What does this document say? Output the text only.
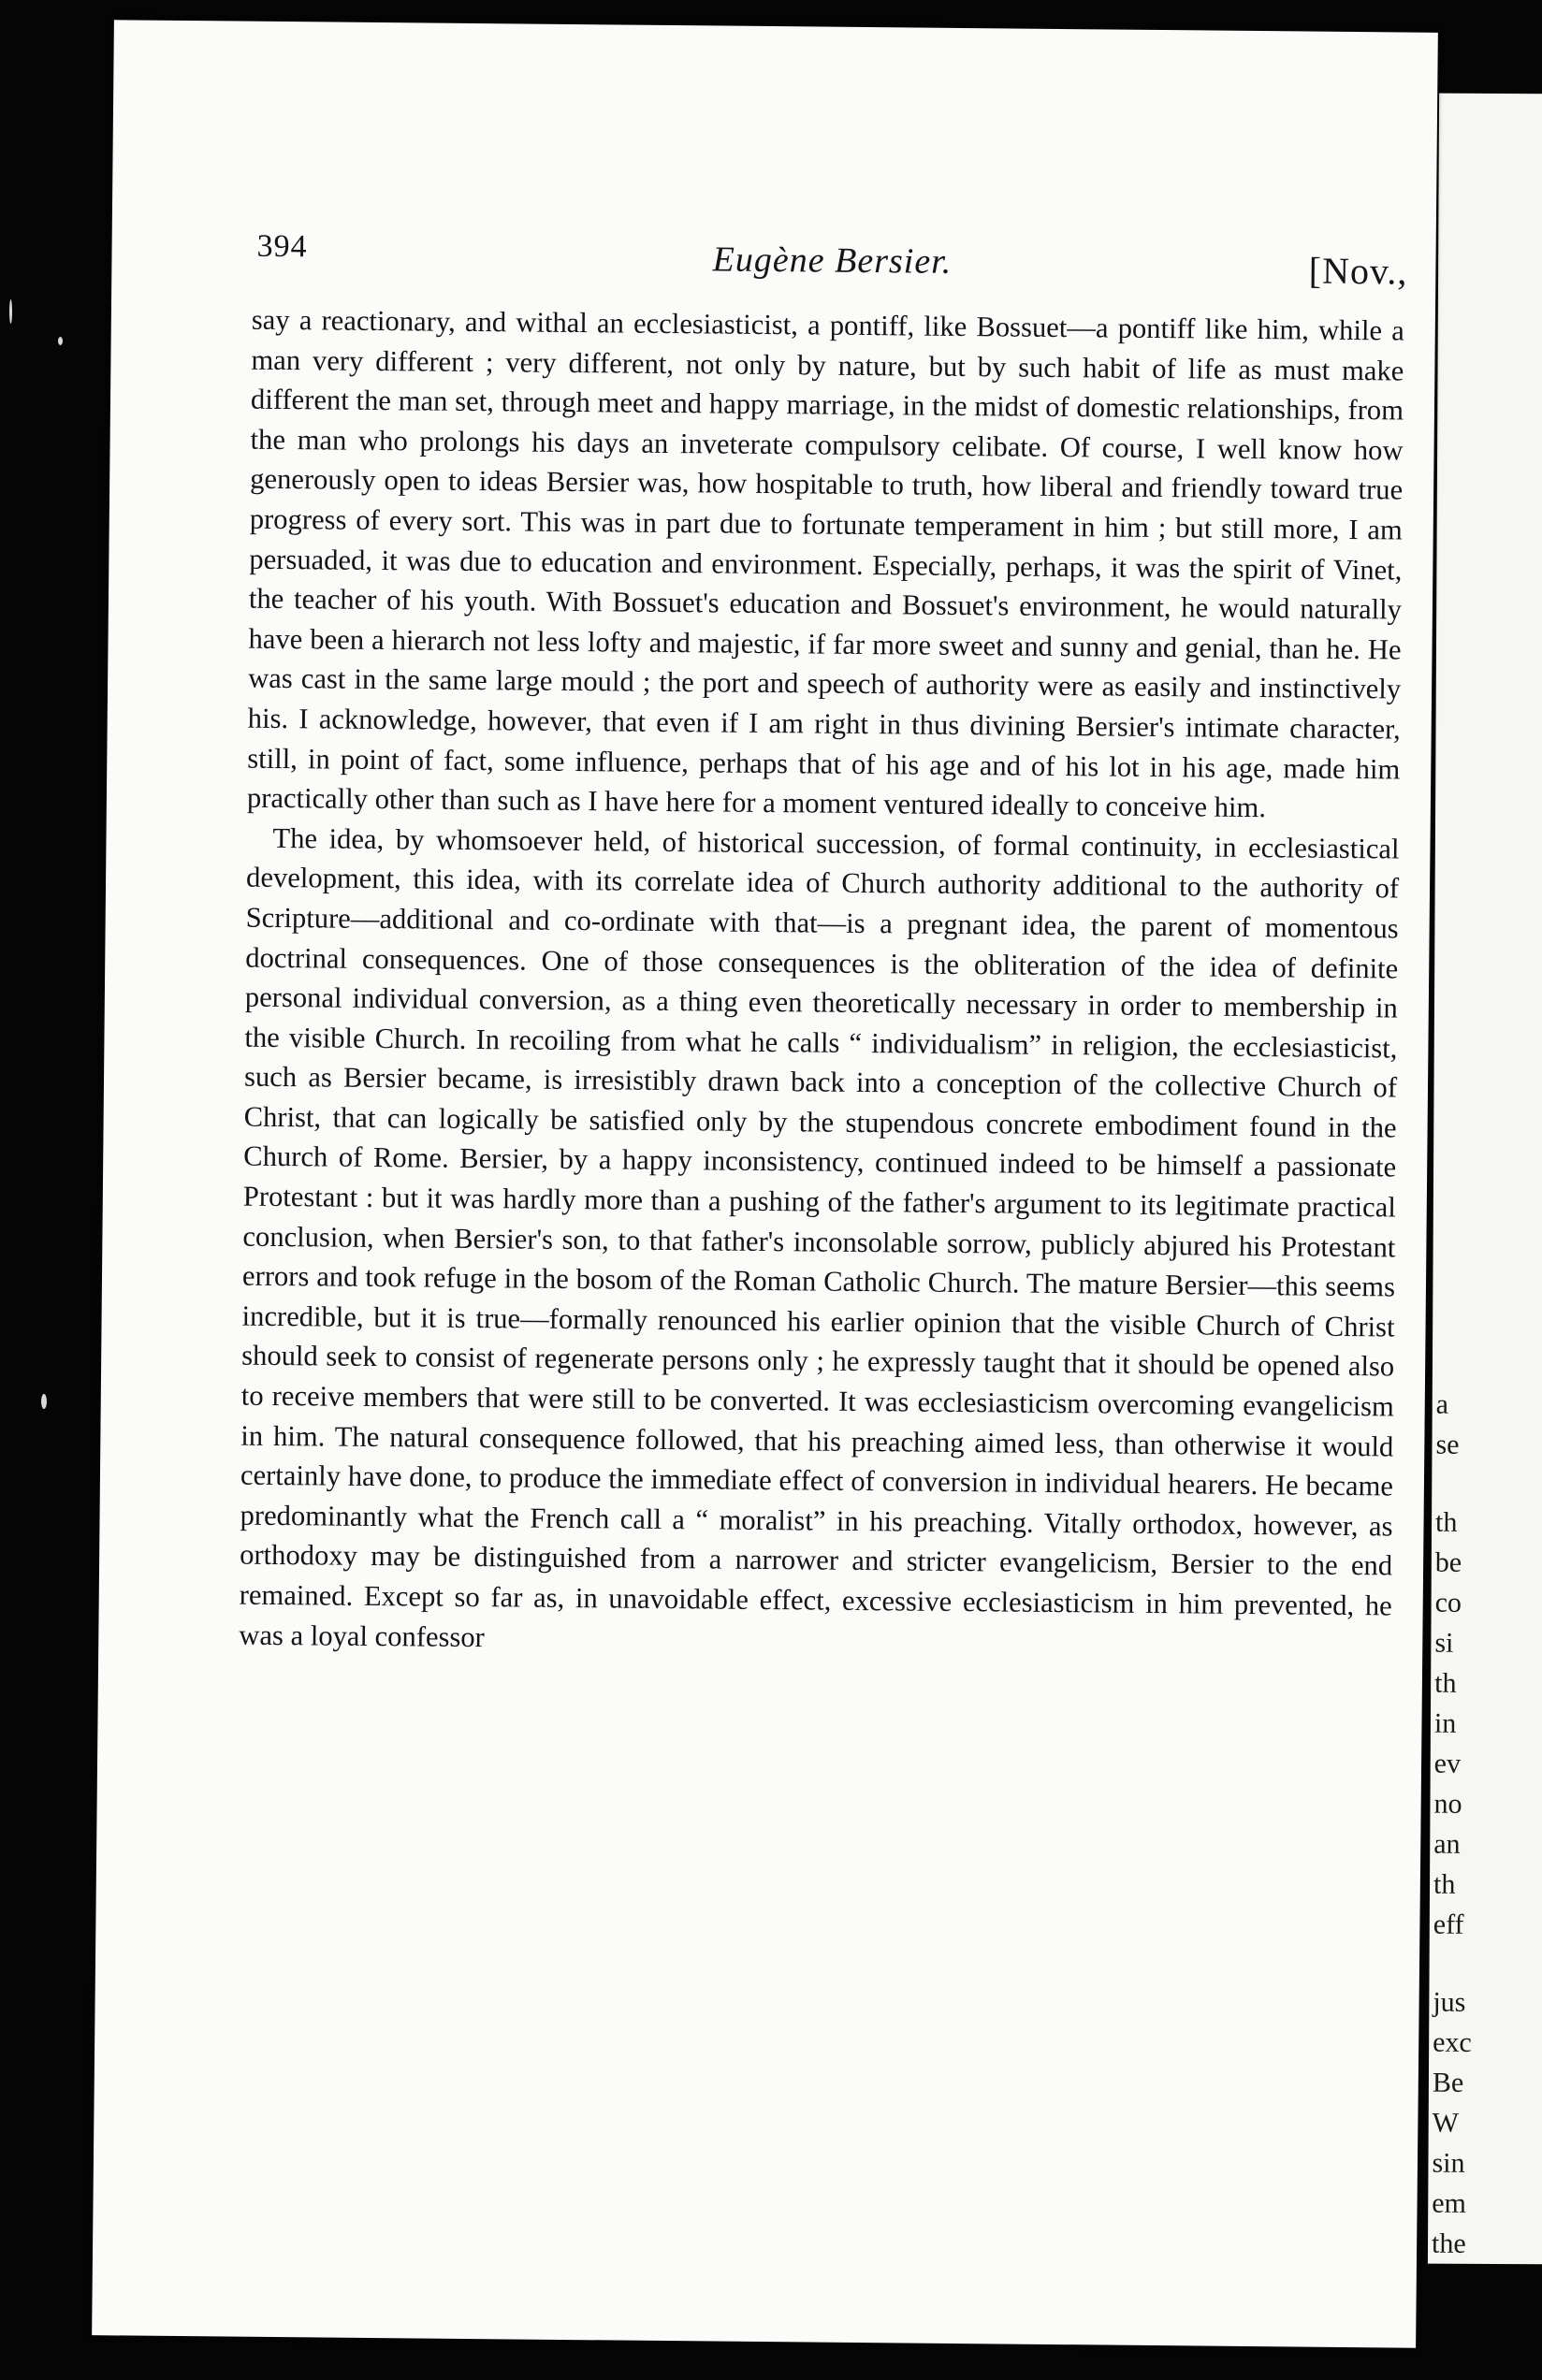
a
se
th
be
co
si
th
in
ev
no
an
th
eff
jus
exc
Be
W
sin
em
the
394	Eugène Bersier.	[Nov.,

say a reactionary, and withal an ecclesiasticist, a pontiff, like Bossuet—a pontiff like him, while a man very different ; very different, not only by nature, but by such habit of life as must make different the man set, through meet and happy marriage, in the midst of domestic relationships, from the man who prolongs his days an inveterate compulsory celibate. Of course, I well know how generously open to ideas Bersier was, how hospitable to truth, how liberal and friendly toward true progress of every sort. This was in part due to fortunate temperament in him ; but still more, I am persuaded, it was due to education and environment. Especially, perhaps, it was the spirit of Vinet, the teacher of his youth. With Bossuet's education and Bossuet's environment, he would naturally have been a hierarch not less lofty and majestic, if far more sweet and sunny and genial, than he. He was cast in the same large mould ; the port and speech of authority were as easily and instinctively his. I acknowledge, however, that even if I am right in thus divining Bersier's intimate character, still, in point of fact, some influence, perhaps that of his age and of his lot in his age, made him practically other than such as I have here for a moment ventured ideally to conceive him.

The idea, by whomsoever held, of historical succession, of formal continuity, in ecclesiastical development, this idea, with its correlate idea of Church authority additional to the authority of Scripture—additional and co-ordinate with that—is a pregnant idea, the parent of momentous doctrinal consequences. One of those consequences is the obliteration of the idea of definite personal individual conversion, as a thing even theoretically necessary in order to membership in the visible Church. In recoiling from what he calls “ individualism” in religion, the ecclesiasticist, such as Bersier became, is irresistibly drawn back into a conception of the collective Church of Christ, that can logically be satisfied only by the stupendous concrete embodiment found in the Church of Rome. Bersier, by a happy inconsistency, continued indeed to be himself a passionate Protestant : but it was hardly more than a pushing of the father's argument to its legitimate practical conclusion, when Bersier's son, to that father's inconsolable sorrow, publicly abjured his Protestant errors and took refuge in the bosom of the Roman Catholic Church. The mature Bersier—this seems incredible, but it is true—formally renounced his earlier opinion that the visible Church of Christ should seek to consist of regenerate persons only ; he expressly taught that it should be opened also to receive members that were still to be converted. It was ecclesiasticism overcoming evangelicism in him. The natural consequence followed, that his preaching aimed less, than otherwise it would certainly have done, to produce the immediate effect of conversion in individual hearers. He became predominantly what the French call a “ moralist” in his preaching. Vitally orthodox, however, as orthodoxy may be distinguished from a narrower and stricter evangelicism, Bersier to the end remained. Except so far as, in unavoidable effect, excessive ecclesiasticism in him prevented, he was a loyal confessor
